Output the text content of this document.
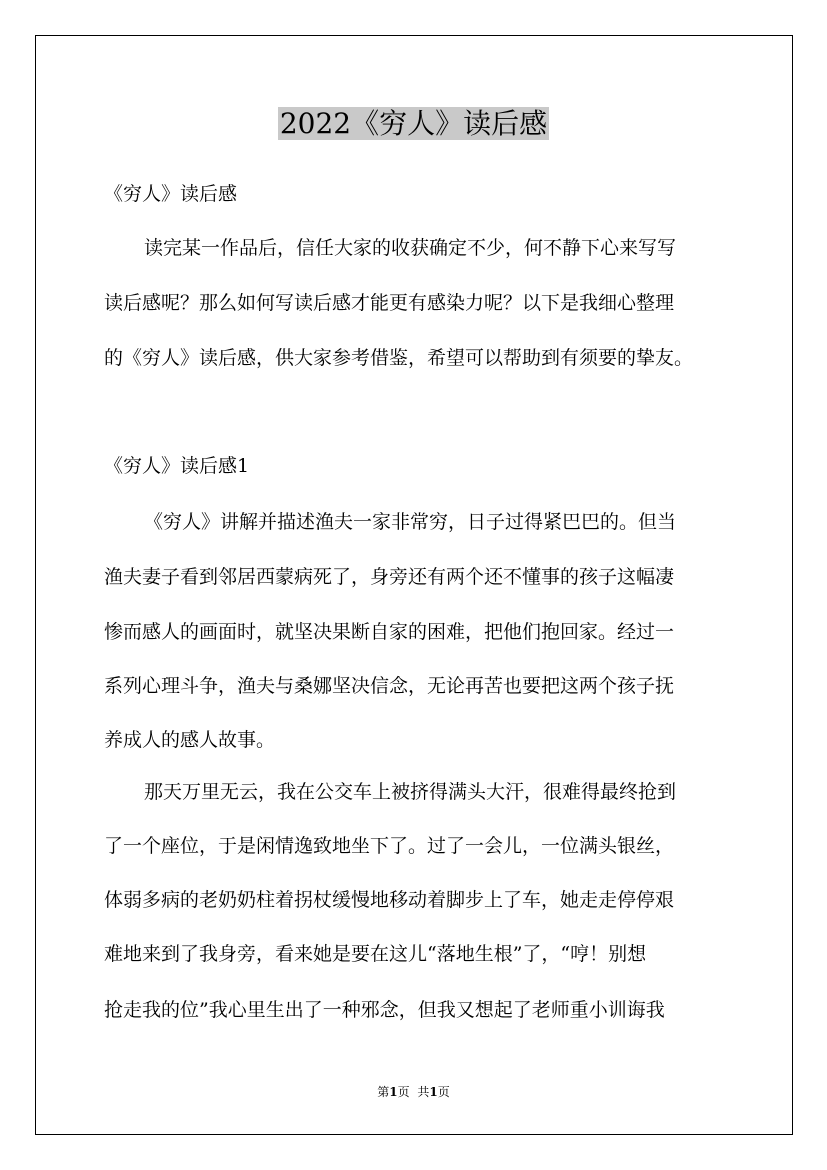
2022《穷人》读后感

《穷人》读后感

读完某一作品后，信任大家的收获确定不少，何不静下心来写写

读后感呢？那么如何写读后感才能更有感染力呢？以下是我细心整理

的《穷人》读后感，供大家参考借鉴，希望可以帮助到有须要的挚友。

《穷人》读后感1

《穷人》讲解并描述渔夫一家非常穷，日子过得紧巴巴的。但当

渔夫妻子看到邻居西蒙病死了，身旁还有两个还不懂事的孩子这幅凄

惨而感人的画面时，就坚决果断自家的困难，把他们抱回家。经过一

系列心理斗争，渔夫与桑娜坚决信念，无论再苦也要把这两个孩子抚

养成人的感人故事。

那天万里无云，我在公交车上被挤得满头大汗，很难得最终抢到

了一个座位，于是闲情逸致地坐下了。过了一会儿，一位满头银丝，

体弱多病的老奶奶柱着拐杖缓慢地移动着脚步上了车，她走走停停艰

难地来到了我身旁，看来她是要在这儿“落地生根”了，“哼！别想

抢走我的位”我心里生出了一种邪念，但我又想起了老师重小训诲我

第1页 共1页
